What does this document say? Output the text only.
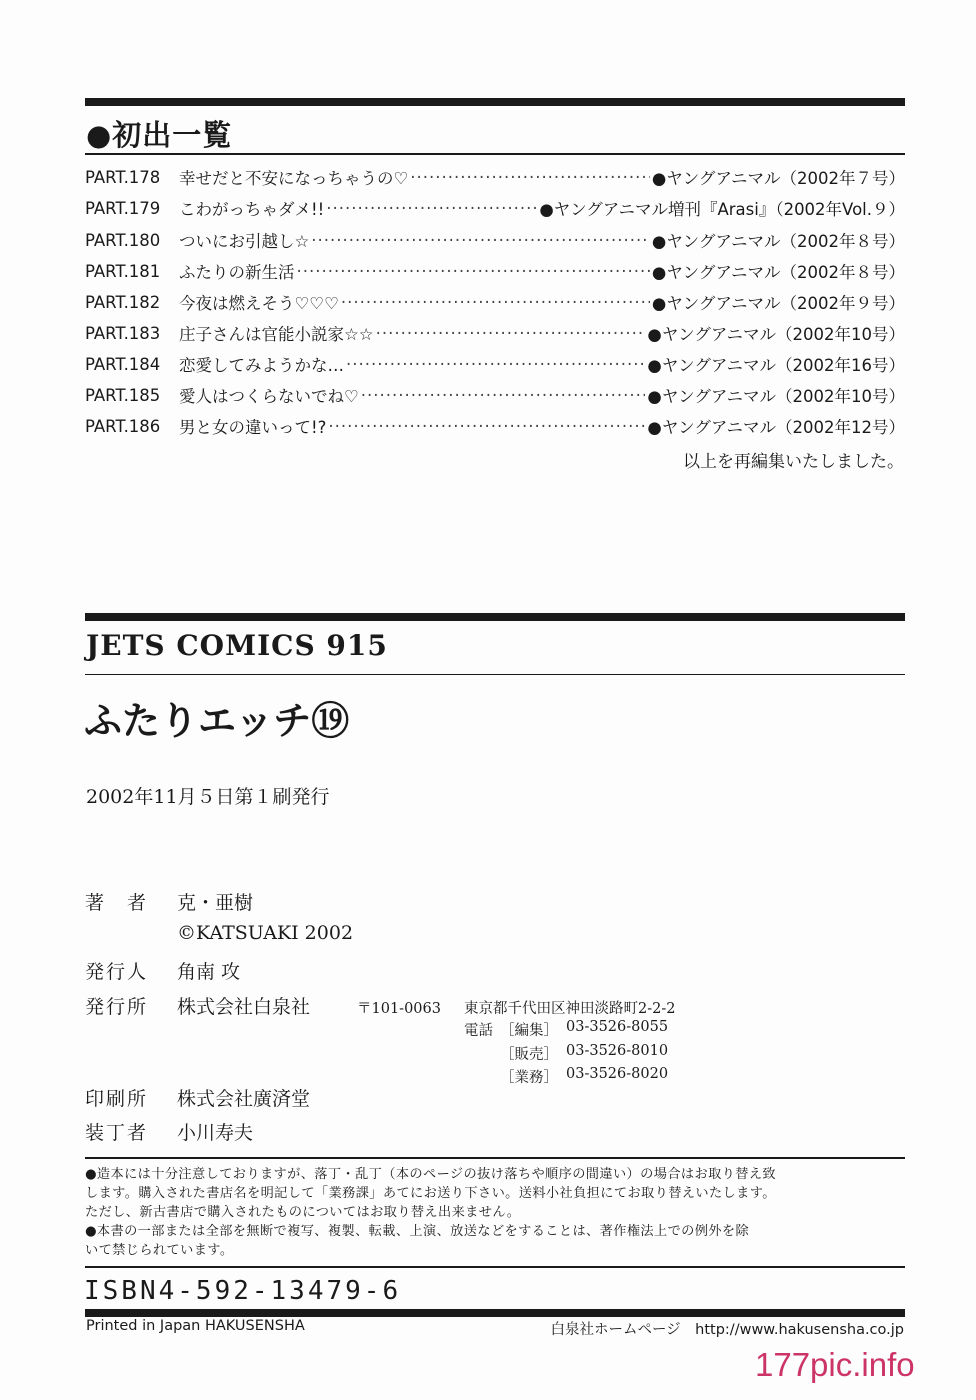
●初出一覧
PART.178	幸せだと不安になっちゃうの♡ ·····	●ヤングアニマル（2002年７号）
PART.179	こわがっちゃダメ!! ·····	●ヤングアニマル増刊『Arasi』（2002年Vol.９）
PART.180	ついにお引越し☆ ·····	●ヤングアニマル（2002年８号）
PART.181	ふたりの新生活 ·····	●ヤングアニマル（2002年８号）
PART.182	今夜は燃えそう♡♡♡ ·····	●ヤングアニマル（2002年９号）
PART.183	庄子さんは官能小説家☆☆ ·····	●ヤングアニマル（2002年10号）
PART.184	恋愛してみようかな… ·····	●ヤングアニマル（2002年16号）
PART.185	愛人はつくらないでね♡ ·····	●ヤングアニマル（2002年10号）
PART.186	男と女の違いって!? ·····	●ヤングアニマル（2002年12号）
以上を再編集いたしました。
JETS COMICS 915
ふたりエッチ⑲
2002年11月５日第１刷発行
著　者 克・亜樹
©KATSUAKI 2002
発行人 角南 攻
発行所 株式会社白泉社	〒101-0063 東京都千代田区神田淡路町2-2-2
電話 ［編集］ 03-3526-8055
［販売］ 03-3526-8010
［業務］ 03-3526-8020
印刷所 株式会社廣済堂
装丁者 小川寿夫
●造本には十分注意しておりますが、落丁・乱丁（本のページの抜け落ちや順序の間違い）の場合はお取り替え致
します。購入された書店名を明記して「業務課」あてにお送り下さい。送料小社負担にてお取り替えいたします。
ただし、新古書店で購入されたものについてはお取り替え出来ません。
●本書の一部または全部を無断で複写、複製、転載、上演、放送などをすることは、著作権法上での例外を除
いて禁じられています。
ISBN4-592-13479-6
Printed in Japan HAKUSENSHA	白泉社ホームページ　http://www.hakusensha.co.jp
177pic.info
